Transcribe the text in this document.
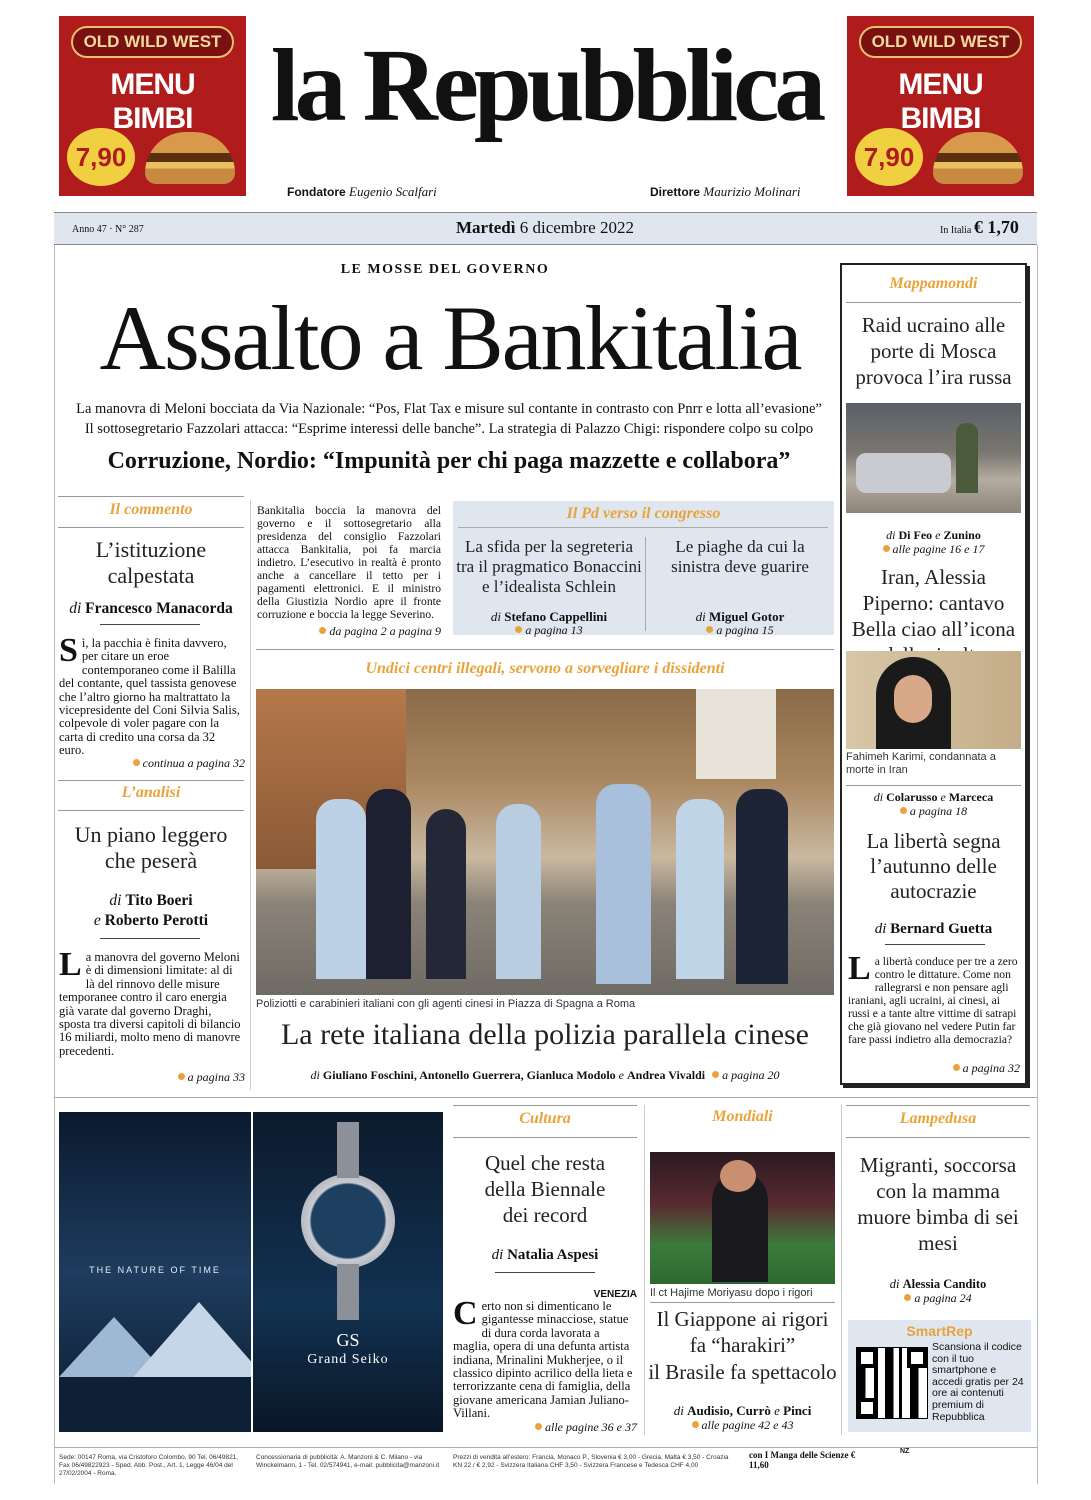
OLD WILD WEST
MENU BIMBI
7,90
OLD WILD WEST
MENU BIMBI
7,90
la Repubblica
Fondatore Eugenio Scalfari	Direttore Maurizio Molinari
Anno 47 · N° 287	Martedì 6 dicembre 2022	In Italia € 1,70
LE MOSSE DEL GOVERNO
Assalto a Bankitalia
La manovra di Meloni bocciata da Via Nazionale: “Pos, Flat Tax e misure sul contante in contrasto con Pnrr e lotta all’evasione”
Il sottosegretario Fazzolari attacca: “Esprime interessi delle banche”. La strategia di Palazzo Chigi: rispondere colpo su colpo
Corruzione, Nordio: “Impunità per chi paga mazzette e collabora”
Il commento
L’istituzione calpestata
di Francesco Manacorda
Sì, la pacchia è finita davvero, per citare un eroe contemporaneo come il Balilla del contante, quel tassista genovese che l’altro giorno ha maltrattato la vicepresidente del Coni Silvia Salis, colpevole di voler pagare con la carta di credito una corsa da 32 euro.
continua a pagina 32
L’analisi
Un piano leggero che peserà
di Tito Boeri
e Roberto Perotti
La manovra del governo Meloni è di dimensioni limitate: al di là del rinnovo delle misure temporanee contro il caro energia già varate dal governo Draghi, sposta tra diversi capitoli di bilancio 16 miliardi, molto meno di manovre precedenti.
a pagina 33
Bankitalia boccia la manovra del governo e il sottosegretario alla presidenza del consiglio Fazzolari attacca Bankitalia, poi fa marcia indietro. L’esecutivo in realtà è pronto anche a cancellare il tetto per i pagamenti elettronici. E il ministro della Giustizia Nordio apre il fronte corruzione e boccia la legge Severino.
da pagina 2 a pagina 9
Il Pd verso il congresso
La sfida per la segreteria tra il pragmatico Bonaccini e l’idealista Schlein
di Stefano Cappellini
a pagina 13
Le piaghe da cui la sinistra deve guarire
di Miguel Gotor
a pagina 15
Undici centri illegali, servono a sorvegliare i dissidenti
Poliziotti e carabinieri italiani con gli agenti cinesi in Piazza di Spagna a Roma
La rete italiana della polizia parallela cinese
di Giuliano Foschini, Antonello Guerrera, Gianluca Modolo e Andrea Vivaldi a pagina 20
Mappamondi
Raid ucraino alle porte di Mosca provoca l’ira russa
di Di Feo e Zunino
alle pagine 16 e 17
Iran, Alessia Piperno: cantavo Bella ciao all’icona
Fahimeh Karimi, condannata a morte in Iran
di Colarusso e Marceca
a pagina 18
La libertà segna l’autunno delle autocrazie
di Bernard Guetta
La libertà conduce per tre a zero contro le dittature. Come non rallegrarsi e non pensare agli iraniani, agli ucraini, ai cinesi, ai russi e a tante altre vittime di satrapi che già giovano nel vedere Putin far fare passi indietro alla democrazia?
a pagina 32
THE NATURE OF TIME
GS
Grand Seiko
Cultura
Quel che resta della Biennale dei record
di Natalia Aspesi
VENEZIA
Certo non si dimenticano le gigantesse minacciose, statue di dura corda lavorata a maglia, opera di una defunta artista indiana, Mrinalini Mukherjee, o il classico dipinto acrilico della lieta e terrorizzante cena di famiglia, della giovane americana Jamian Juliano-Villani.
alle pagine 36 e 37
Mondiali
Il ct Hajime Moriyasu dopo i rigori
Il Giappone ai rigori fa “harakiri”
il Brasile fa spettacolo
di Audisio, Currò e Pinci
alle pagine 42 e 43
Lampedusa
Migranti, soccorsa con la mamma muore bimba di sei mesi
di Alessia Candito
a pagina 24
SmartRep
Scansiona il codice con il tuo smartphone e accedi gratis per 24 ore ai contenuti premium di Repubblica
Sede: 00147 Roma, via Cristoforo Colombo, 90 Tel. 06/49821, Fax 06/49822923 - Sped. Abb. Post., Art. 1, Legge 46/04 del 27/02/2004 - Roma.
Concessionaria di pubblicità: A. Manzoni & C. Milano - via Winckelmann, 1 - Tel. 02/574941, e-mail: pubblicita@manzoni.it
Prezzi di vendita all’estero: Francia, Monaco P., Slovenia € 3,00 - Grecia, Malta € 3,50 - Croazia KN 22 / € 2,92 - Svizzera Italiana CHF 3,50 - Svizzera Francese e Tedesca CHF 4,00
con I Manga delle Scienze € 11,60
NZ
